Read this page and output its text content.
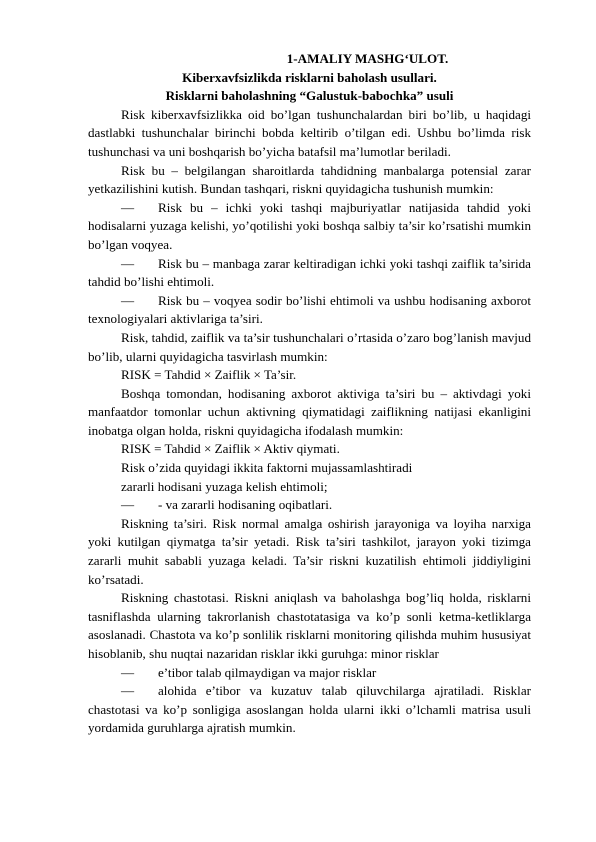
1-AMALIY MASHG‘ULOT.
Kiberxavfsizlikda risklarni baholash usullari.
Risklarni baholashning “Galustuk-babochka” usuli

Risk kiberxavfsizlikka oid bo’lgan tushunchalardan biri bo’lib, u haqidagi dastlabki tushunchalar birinchi bobda keltirib o’tilgan edi. Ushbu bo’limda risk tushunchasi va uni boshqarish bo’yicha batafsil ma’lumotlar beriladi.

Risk bu – belgilangan sharoitlarda tahdidning manbalarga potensial zarar yetkazilishini kutish. Bundan tashqari, riskni quyidagicha tushunish mumkin:

— Risk bu – ichki yoki tashqi majburiyatlar natijasida tahdid yoki hodisalarni yuzaga kelishi, yo’qotilishi yoki boshqa salbiy ta’sir ko’rsatishi mumkin bo’lgan voqyea.

— Risk bu – manbaga zarar keltiradigan ichki yoki tashqi zaiflik ta’sirida tahdid bo’lishi ehtimoli.

— Risk bu – voqyea sodir bo’lishi ehtimoli va ushbu hodisaning axborot texnologiyalari aktivlariga ta’siri.

Risk, tahdid, zaiflik va ta’sir tushunchalari o’rtasida o’zaro bog’lanish mavjud bo’lib, ularni quyidagicha tasvirlash mumkin:

RISK = Tahdid × Zaiflik × Ta’sir.

Boshqa tomondan, hodisaning axborot aktiviga ta’siri bu – aktivdagi yoki manfaatdor tomonlar uchun aktivning qiymatidagi zaiflikning natijasi ekanligini inobatga olgan holda, riskni quyidagicha ifodalash mumkin:

RISK = Tahdid × Zaiflik × Aktiv qiymati.

Risk o’zida quyidagi ikkita faktorni mujassamlashtiradi

zararli hodisani yuzaga kelish ehtimoli;

— - va zararli hodisaning oqibatlari.

Riskning ta’siri. Risk normal amalga oshirish jarayoniga va loyiha narxiga yoki kutilgan qiymatga ta’sir yetadi. Risk ta’siri tashkilot, jarayon yoki tizimga zararli muhit sababli yuzaga keladi. Ta’sir riskni kuzatilish ehtimoli jiddiyligini ko’rsatadi.

Riskning chastotasi. Riskni aniqlash va baholashga bog’liq holda, risklarni tasniflashda ularning takrorlanish chastotatasiga va ko’p sonli ketma-ketliklarga asoslanadi. Chastota va ko’p sonlilik risklarni monitoring qilishda muhim hususiyat hisoblanib, shu nuqtai nazaridan risklar ikki guruhga: minor risklar

— e’tibor talab qilmaydigan va major risklar

— alohida e’tibor va kuzatuv talab qiluvchilarga ajratiladi. Risklar chastotasi va ko’p sonligiga asoslangan holda ularni ikki o’lchamli matrisa usuli yordamida guruhlarga ajratish mumkin.
